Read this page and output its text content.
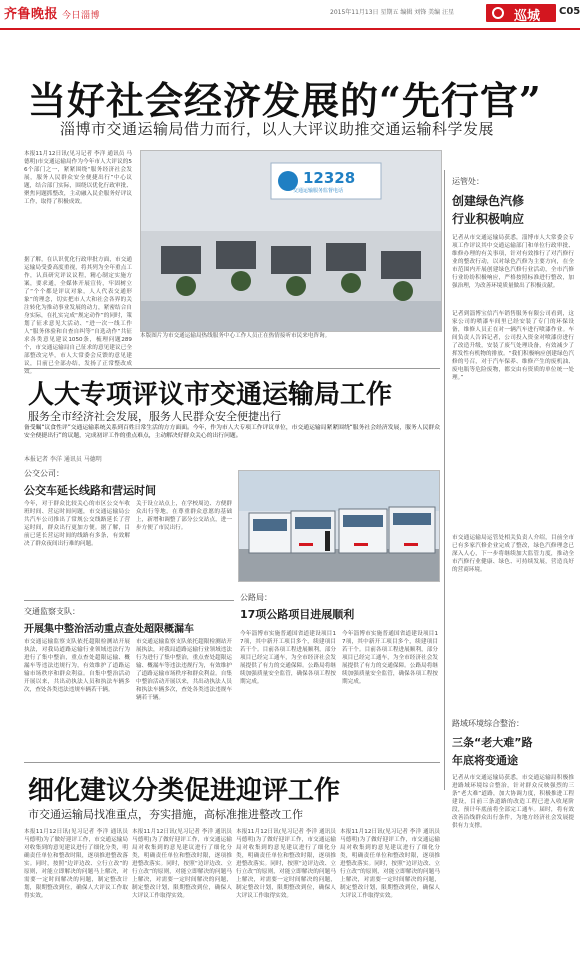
齐鲁晚报 今日淄博	2015年11月13日 星期五 编辑 刘锋 美编 汪星	巡城 C05
当好社会经济发展的“先行官”
淄博市交通运输局借力而行，以人大评议助推交通运输科学发展
本报11月12日讯(见习记者 李洋 通讯员 马德明)市交通运输局作为今年市人大评议的56个部门之一，紧紧围绕“服务经济社会发展，服务人民群众安全便捷出行”中心议题，结合部门实际，围绕以优化行政审批、聚焦问题抓整改，主动融入民企服务好评议工作，取得了积极成效。
据了解，在认识优化行政审批方面，市交通运输局受委高度重视，将其列为全年重点工作，认真研究评议议程，精心制定实施方案，要求通，全媒体开展宣传，牢固树立了“个个都是评议对象，人人代表交通形象”的理念，切实把市人大和社会各界的关注转化为推动事业发展的动力，紧密结合自身实际，在扎实完成“规定动作”的同时，策划了征求意见大活动、“进一次一线工作人”服务体验和自查自纠等“自选动作”共征求各类意见建议1050条，梳理问题289个，市交通运输局自己征求的意见建议已全部整改完毕，市人大常委会反馈的意见建议，目前已全部办结，发扬了正常整改成效。
12328
交通运输服务监督电话
本版图片为市交通运输局热线服务中心工作人员正在热情接听市民来电咨询。
运管处：
创建绿色汽修
行业积极响应
记者从市交通运输局获悉，淄博市人大常委会专项工作评议其中交通运输部门和单位行政审批、维修办理的有关事项，针对有效推行了对汽修行业的整改行动，以对绿色汽修为主要方向，在全市范围内开展创建绿色汽修行业活动，全市汽修行业纷纷积极响应，严格按照标准进行整改，加强治理，为改善环境质量做出了积极贡献。
记者到淄博宝信汽车销售服务有限公司看到，这家公司的喷漆车间里已经安装了专门的环保设备，维修人员正在对一辆汽车进行喷漆作业。车间负责人告诉记者，公司投入资金对喷漆房进行了改造升级，安装了废气处理设备，有效减少了挥发性有机物的排放。“我们积极响应创建绿色汽修的号召，对于汽车保养、维修产生的废机油、废电瓶等危险废物，都交由有资质的单位统一处理。”
市交通运输局运管处相关负责人介绍，目前全市已有多家汽修企业完成了整改，绿色汽修理念已深入人心，下一步将继续加大监管力度，推动全市汽修行业健康、绿色、可持续发展，营造良好的营商环境。
路域环境综合整治：
三条“老大难”路
年底将变通途
记者从市交通运输局获悉，市交通运输局积极推进路域环境综合整治，针对群众反映强烈的三条“老大难”道路，加大协调力度，积极推进工程建设，目前三条道路的改造工程已进入收尾阶段，预计年底前将全部完工通车。届时，将有效改善沿线群众出行条件，为地方经济社会发展提供有力支撑。
人大专项评议市交通运输局工作
服务全市经济社会发展，服务人民群众安全便捷出行
备受瞩“议食性评”交通运输系统关系到百姓日常生活的方方面面。今年，作为市人大专项工作评议单位，市交通运输局紧紧围绕“服务社会经济发展，服务人民群众安全便捷出行”的议题，完成初评工作的重点难点，主动解决好群众关心的出行问题。
本报记者 李洋 通讯员 马德明
公交公司：
公交车延长线路和营运时间
今年，对于群众比较关心的市区公交车收班时间、营运时间问题，市交通运输局公共汽车公司推出了常规公交线路延长了营运时间，群众出行更加方便。据了解，目前已延长营运时间的线路有多条，有效解决了群众夜间出行难的问题。
关于设立站点上，在学校周边、方便群众出行等地，在尊重群众意愿的基础上，新增和调整了部分公交站点，进一步方便了市民出行。
交通监察支队：
开展集中整治活动重点查处超限概漏车
市交通运输监察支队依托超限检测站开展执法，对我局道路运输行业领域违法行为进行了集中整治，重点查处超限运输、概漏车等违法违规行为，有效维护了道路运输市场秩序和群众利益。自集中整治活动开展以来，共出动执法人员和执法车辆多次，查处各类违法违规车辆若干辆。
市交通运输监察支队依托超限检测站开展执法，对我局道路运输行业领域违法行为进行了集中整治，重点查处超限运输、概漏车等违法违规行为，有效维护了道路运输市场秩序和群众利益。自集中整治活动开展以来，共出动执法人员和执法车辆多次，查处各类违法违规车辆若干辆。
公路局：
17项公路项目进展顺利
今年淄博市实施普通国省道建设项目17项，其中新开工项目多个，续建项目若干个。目前各项工程进展顺利，部分项目已经完工通车，为全市经济社会发展提供了有力的交通保障。公路局将继续加强质量安全监管，确保各项工程按期完成。
今年淄博市实施普通国省道建设项目17项，其中新开工项目多个，续建项目若干个。目前各项工程进展顺利，部分项目已经完工通车，为全市经济社会发展提供了有力的交通保障。公路局将继续加强质量安全监管，确保各项工程按期完成。
细化建议分类促进迎评工作
市交通运输局找准重点，夯实措施，高标准推进整改工作
本报11月12日讯(见习记者 李洋 通讯员 马德明)为了做好迎评工作，市交通运输局对收集到的意见建议进行了细化分类，明确责任单位和整改时限，逐项推进整改落实。同时，按照“边评边改、立行立改”的原则，对能立即解决的问题马上解决，对需要一定时间解决的问题，制定整改计划，限期整改到位，确保人大评议工作取得实效。
本报11月12日讯(见习记者 李洋 通讯员 马德明)为了做好迎评工作，市交通运输局对收集到的意见建议进行了细化分类，明确责任单位和整改时限，逐项推进整改落实。同时，按照“边评边改、立行立改”的原则，对能立即解决的问题马上解决，对需要一定时间解决的问题，制定整改计划，限期整改到位，确保人大评议工作取得实效。
本报11月12日讯(见习记者 李洋 通讯员 马德明)为了做好迎评工作，市交通运输局对收集到的意见建议进行了细化分类，明确责任单位和整改时限，逐项推进整改落实。同时，按照“边评边改、立行立改”的原则，对能立即解决的问题马上解决，对需要一定时间解决的问题，制定整改计划，限期整改到位，确保人大评议工作取得实效。
本报11月12日讯(见习记者 李洋 通讯员 马德明)为了做好迎评工作，市交通运输局对收集到的意见建议进行了细化分类，明确责任单位和整改时限，逐项推进整改落实。同时，按照“边评边改、立行立改”的原则，对能立即解决的问题马上解决，对需要一定时间解决的问题，制定整改计划，限期整改到位，确保人大评议工作取得实效。
